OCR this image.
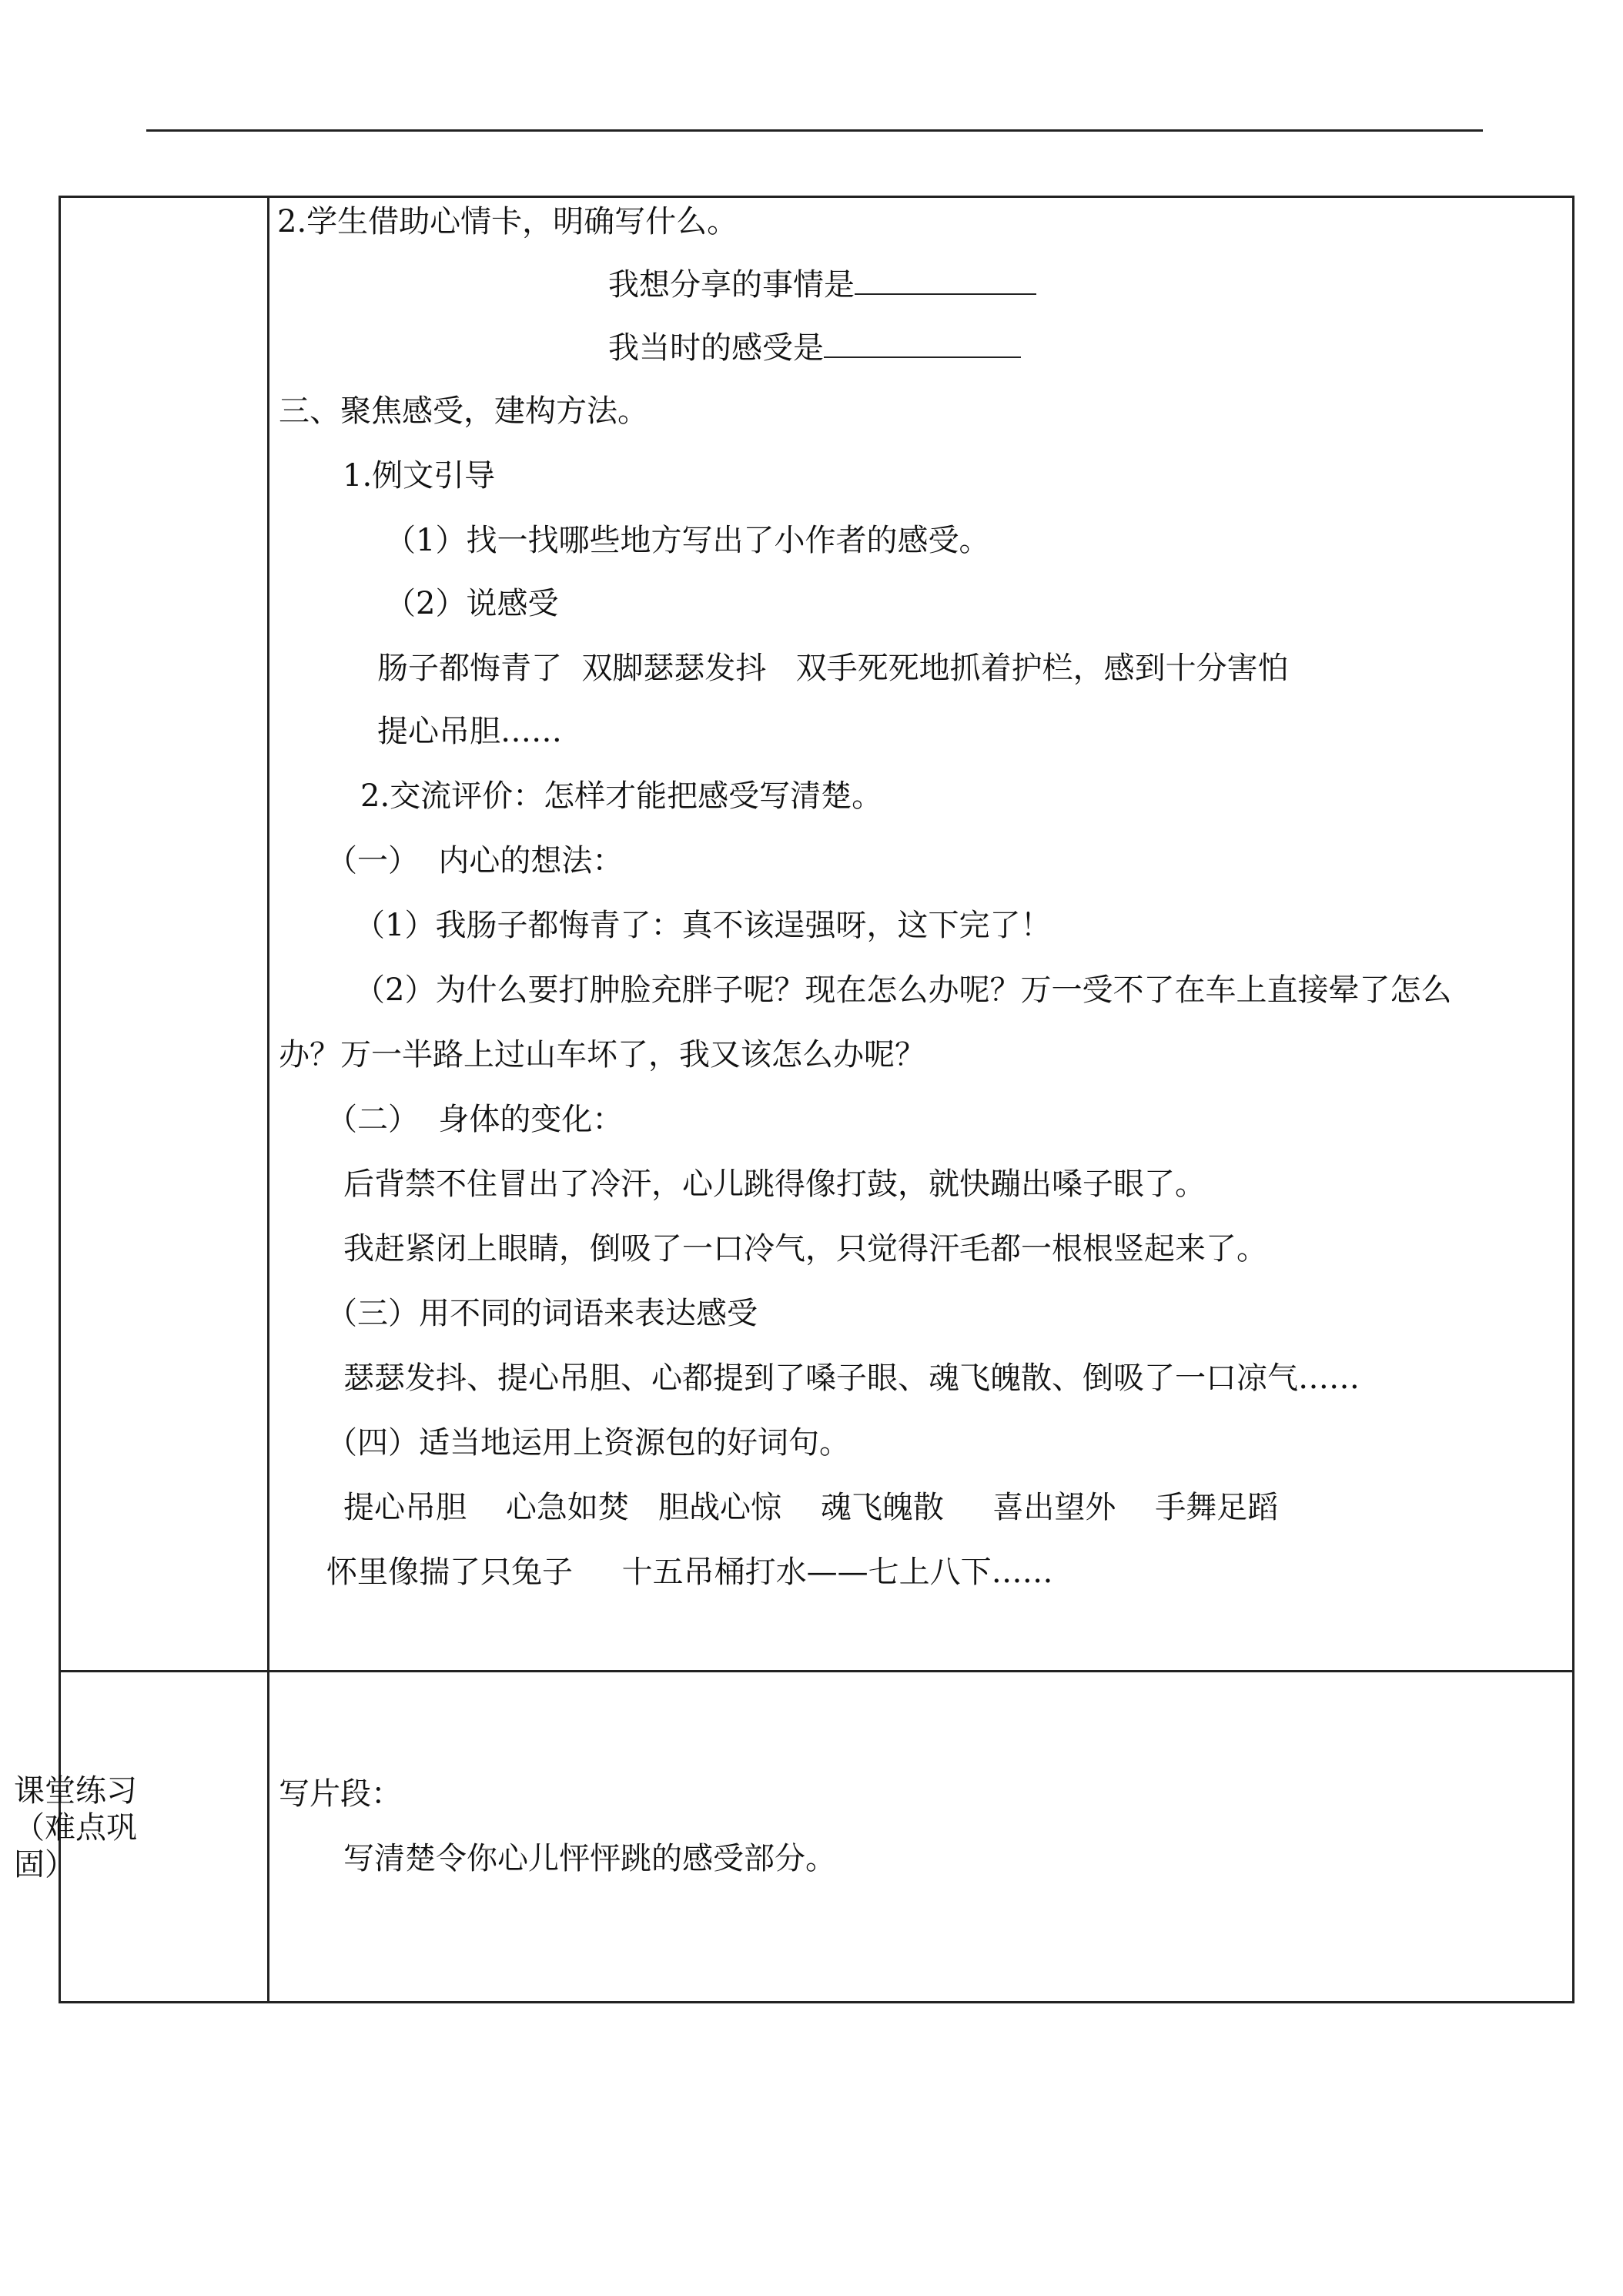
2.学生借助心情卡，明确写什么。
我想分享的事情是
我当时的感受是
三、聚焦感受，建构方法。
1.例文引导
（1）找一找哪些地方写出了小作者的感受。
（2）说感受
肠子都悔青了  双脚瑟瑟发抖   双手死死地抓着护栏，感到十分害怕
提心吊胆……
2.交流评价：怎样才能把感受写清楚。
（一）  内心的想法：
（1）我肠子都悔青了：真不该逞强呀，这下完了！
（2）为什么要打肿脸充胖子呢？现在怎么办呢？万一受不了在车上直接晕了怎么
办？万一半路上过山车坏了，我又该怎么办呢？
（二）  身体的变化：
后背禁不住冒出了冷汗，心儿跳得像打鼓，就快蹦出嗓子眼了。
我赶紧闭上眼睛，倒吸了一口冷气，只觉得汗毛都一根根竖起来了。
（三）用不同的词语来表达感受
瑟瑟发抖、提心吊胆、心都提到了嗓子眼、魂飞魄散、倒吸了一口凉气……
（四）适当地运用上资源包的好词句。
提心吊胆    心急如焚   胆战心惊    魂飞魄散     喜出望外    手舞足蹈
怀里像揣了只兔子     十五吊桶打水——七上八下……
课堂练习
（难点巩
固）
写片段：
写清楚令你心儿怦怦跳的感受部分。
